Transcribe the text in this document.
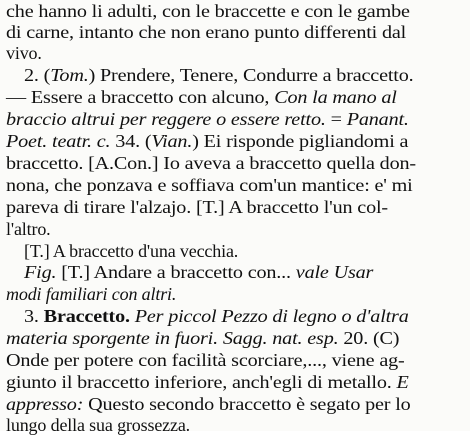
che hanno li adulti, con le braccette e con le gambe
di carne, intanto che non erano punto differenti dal
vivo.
2. (Tom.) Prendere, Tenere, Condurre a braccetto.
— Essere a braccetto con alcuno, Con la mano al
braccio altrui per reggere o essere retto. = Panant.
Poet. teatr. c. 34. (Vian.) Ei risponde pigliandomi a
braccetto. [A.Con.] Io aveva a braccetto quella don-
nona, che ponzava e soffiava com'un mantice: e' mi
pareva di tirare l'alzajo. [T.] A braccetto l'un col-
l'altro.
[T.] A braccetto d'una vecchia.
Fig. [T.] Andare a braccetto con... vale Usar
modi familiari con altri.
3. Braccetto. Per piccol Pezzo di legno o d'altra
materia sporgente in fuori. Sagg. nat. esp. 20. (C)
Onde per potere con facilità scorciare,..., viene ag-
giunto il braccetto inferiore, anch'egli di metallo. E
appresso: Questo secondo braccetto è segato per lo
lungo della sua grossezza.
